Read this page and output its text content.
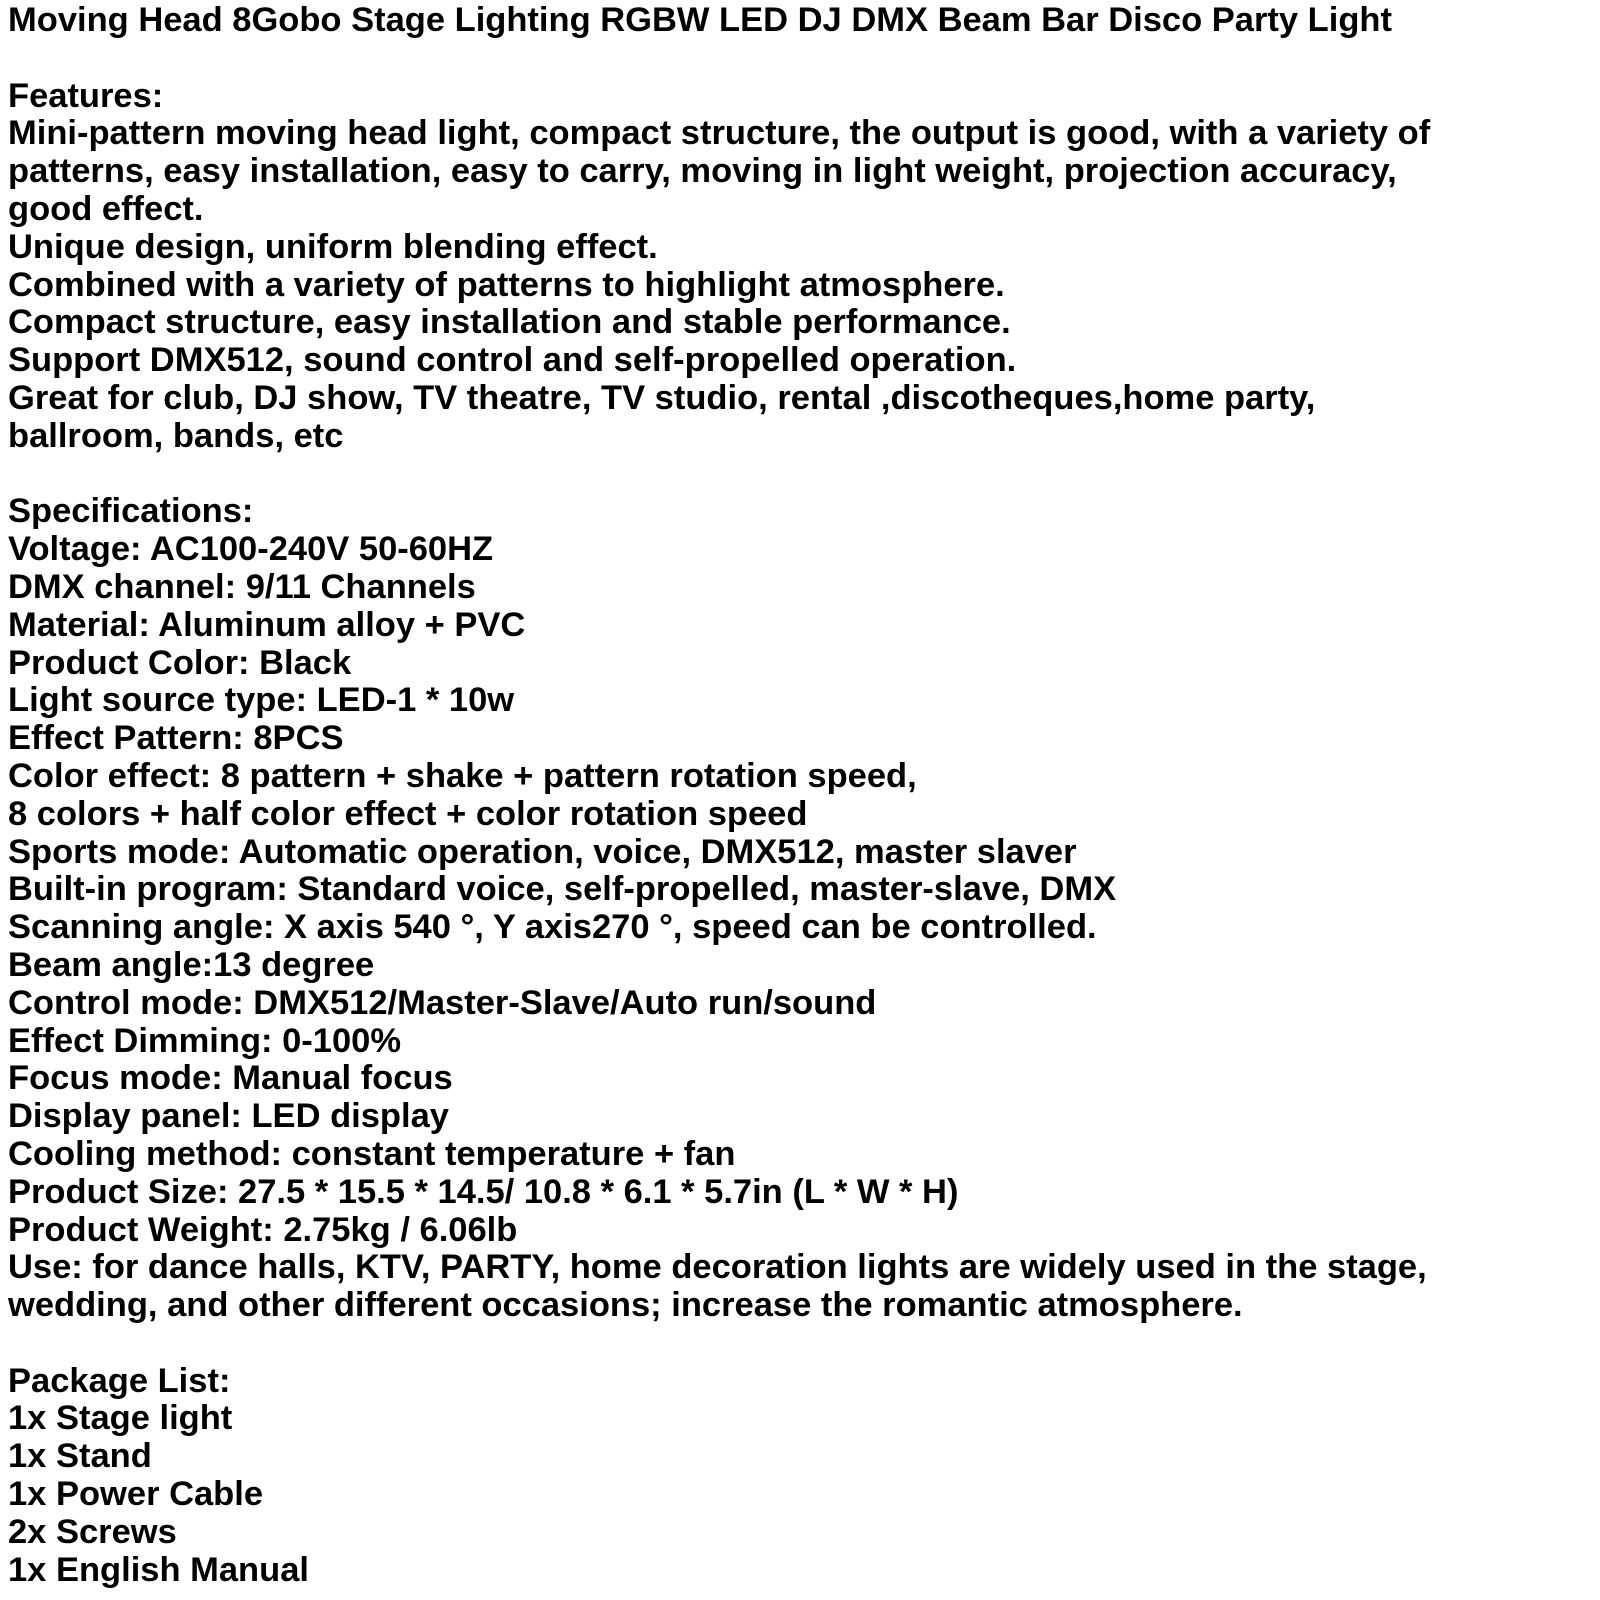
Moving Head 8Gobo Stage Lighting RGBW LED DJ DMX Beam Bar Disco Party Light
Features:
Mini-pattern moving head light, compact structure, the output is good, with a variety of
patterns, easy installation, easy to carry, moving in light weight, projection accuracy,
good effect.
Unique design, uniform blending effect.
Combined with a variety of patterns to highlight atmosphere.
Compact structure, easy installation and stable performance.
Support DMX512, sound control and self-propelled operation.
Great for club, DJ show, TV theatre, TV studio, rental ,discotheques,home party,
ballroom, bands, etc
Specifications:
Voltage: AC100-240V 50-60HZ
DMX channel: 9/11 Channels
Material: Aluminum alloy + PVC
Product Color: Black
Light source type: LED-1 * 10w
Effect Pattern: 8PCS
Color effect: 8 pattern + shake + pattern rotation speed,
8 colors + half color effect + color rotation speed
Sports mode: Automatic operation, voice, DMX512, master slaver
Built-in program: Standard voice, self-propelled, master-slave, DMX
Scanning angle: X axis 540 °, Y axis270 °, speed can be controlled.
Beam angle:13 degree
Control mode: DMX512/Master-Slave/Auto run/sound
Effect Dimming: 0-100%
Focus mode: Manual focus
Display panel: LED display
Cooling method: constant temperature + fan
Product Size: 27.5 * 15.5 * 14.5/ 10.8 * 6.1 * 5.7in (L * W * H)
Product Weight: 2.75kg / 6.06lb
Use: for dance halls, KTV, PARTY, home decoration lights are widely used in the stage,
wedding, and other different occasions; increase the romantic atmosphere.
Package List:
1x Stage light
1x Stand
1x Power Cable
2x Screws
1x English Manual
